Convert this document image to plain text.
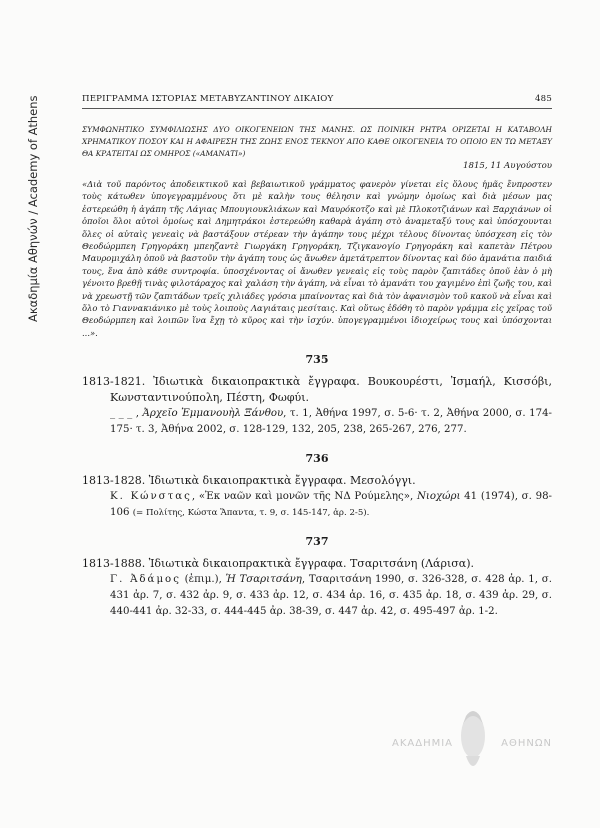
Ακαδημία Αθηνών / Academy of Athens	ΠΕΡΙΓΡΑΜΜΑ ΙΣΤΟΡΙΑΣ ΜΕΤΑΒΥΖΑΝΤΙΝΟΥ ΔΙΚΑΙΟΥ	485

ΣΥΜΦΩΝΗΤΙΚΟ ΣΥΜΦΙΛΙΩΣΗΣ ΔΥΟ ΟΙΚΟΓΕΝΕΙΩΝ ΤΗΣ ΜΑΝΗΣ. ΩΣ ΠΟΙΝΙΚΗ ΡΗΤΡΑ ΟΡΙΖΕΤΑΙ Η ΚΑΤΑΒΟΛΗ ΧΡΗΜΑΤΙΚΟΥ ΠΟΣΟΥ ΚΑΙ Η ΑΦΑΙΡΕΣΗ ΤΗΣ ΖΩΗΣ ΕΝΟΣ ΤΕΚΝΟΥ ΑΠΟ ΚΑΘΕ ΟΙΚΟΓΕΝΕΙΑ ΤΟ ΟΠΟΙΟ ΕΝ ΤΩ ΜΕΤΑΞΥ ΘΑ ΚΡΑΤΕΙΤΑΙ ΩΣ ΟΜΗΡΟΣ («ΑΜΑΝΑΤΙ»)

1815, 11 Αυγούστου

«Διὰ τοῦ παρόντος ἀποδεικτικοῦ καὶ βεβαιωτικοῦ γράμματος φανερὸν γίνεται εἰς ὅλους ἡμᾶς ἔνπροστεν τοὺς κάτωθεν ὑπογεγραμμένους ὅτι μὲ καλὴν τους θέλησιν καὶ γνώμην ὁμοίως καὶ διὰ μέσων μας ἐστερεώθη ἡ ἀγάπη τῆς Λάγιας Μπουγιουκλιάκων καὶ Μαυρόκοτζο καὶ μὲ Πλοκοτζιάνων καὶ Ξαρχιάνων οἱ ὁποῖοι ὅλοι αὐτοὶ ὁμοίως καὶ Δημητράκοι ἐστερεώθη καθαρὰ ἀγάπη στὸ ἀναμεταξύ τους καὶ ὑπόσχουνται ὅλες οἱ αὐταὶς γενεαὶς νὰ βαστάξουν στέρεαν τὴν ἀγάπην τους μέχρι τέλους δίνοντας ὑπόσχεση εἰς τὸν Θεοδώρμπεη Γρηγοράκη μπεηζαντὲ Γιωργάκη Γρηγοράκη, Τζιγκανογίο Γρηγοράκη καὶ καπετὰν Πέτρου Μαυρομιχάλη ὁποῦ νὰ βαστοῦν τὴν ἀγάπη τους ὡς ἄνωθεν ἀμετάτρεπτον δίνοντας καὶ δύο ἀμανάτια παιδιά τους, ἕνα ἀπὸ κάθε συντροφία. ὑποσχένοντας οἱ ἄνωθεν γενεαὶς εἰς τοὺς παρὸν ζαπιτάδες ὁποῦ ἐὰν ὁ μὴ γένοιτο βρεθῇ τινὰς φιλοτάραχος καὶ χαλάση τὴν ἀγάπη, νὰ εἶναι τὸ ἀμανάτι του χαγιμένο ἐπὶ ζωῆς του, καὶ νὰ χρεωστῇ τῶν ζαπιτάδων τρεῖς χιλιάδες γρόσια μπαίνοντας καὶ διὰ τὸν ἀφανισμὸν τοῦ κακοῦ νὰ εἶναι καὶ ὅλο τὸ Γιαννακιάνικο μὲ τοὺς λοιποὺς Λαγιάταις μεσίταις. Καὶ οὕτως ἐδόθη τὸ παρὸν γράμμα εἰς χεῖρας τοῦ Θεοδώρμπεη καὶ λοιπῶν ἵνα ἔχῃ τὸ κῦρος καὶ τὴν ἰσχύν. ὑπογεγραμμένοι ἰδιοχείρως τους καὶ ὑπόσχονται ...».

735

1813-1821. Ἰδιωτικὰ δικαιοπρακτικὰ ἔγγραφα. Βουκουρέστι, Ἰσμαήλ, Κισσόβι, Κωνσταντινούπολη, Πέστη, Φωφύι.

_ _ _ , Ἀρχεῖο Ἐμμανουὴλ Ξάνθου, τ. 1, Ἀθήνα 1997, σ. 5-6· τ. 2, Ἀθήνα 2000, σ. 174-175· τ. 3, Ἀθήνα 2002, σ. 128-129, 132, 205, 238, 265-267, 276, 277.

736

1813-1828. Ἰδιωτικὰ δικαιοπρακτικὰ ἔγγραφα. Μεσολόγγι.

Κ. Κώνστας, «Ἐκ ναῶν καὶ μονῶν τῆς ΝΔ Ρούμελης», Νιοχώρι 41 (1974), σ. 98-106 (= Πολίτης, Κώστα Ἅπαντα, τ. 9, σ. 145-147, ἀρ. 2-5).

737

1813-1888. Ἰδιωτικὰ δικαιοπρακτικὰ ἔγγραφα. Τσαριτσάνη (Λάρισα).

Γ. Ἀδάμος (ἐπιμ.), Ἡ Τσαριτσάνη, Τσαριτσάνη 1990, σ. 326-328, σ. 428 ἀρ. 1, σ. 431 ἀρ. 7, σ. 432 ἀρ. 9, σ. 433 ἀρ. 12, σ. 434 ἀρ. 16, σ. 435 ἀρ. 18, σ. 439 ἀρ. 29, σ. 440-441 ἀρ. 32-33, σ. 444-445 ἀρ. 38-39, σ. 447 ἀρ. 42, σ. 495-497 ἀρ. 1-2.

ΑΚΑΔΗΜΙΑ	ΑΘΗΝΩΝ
